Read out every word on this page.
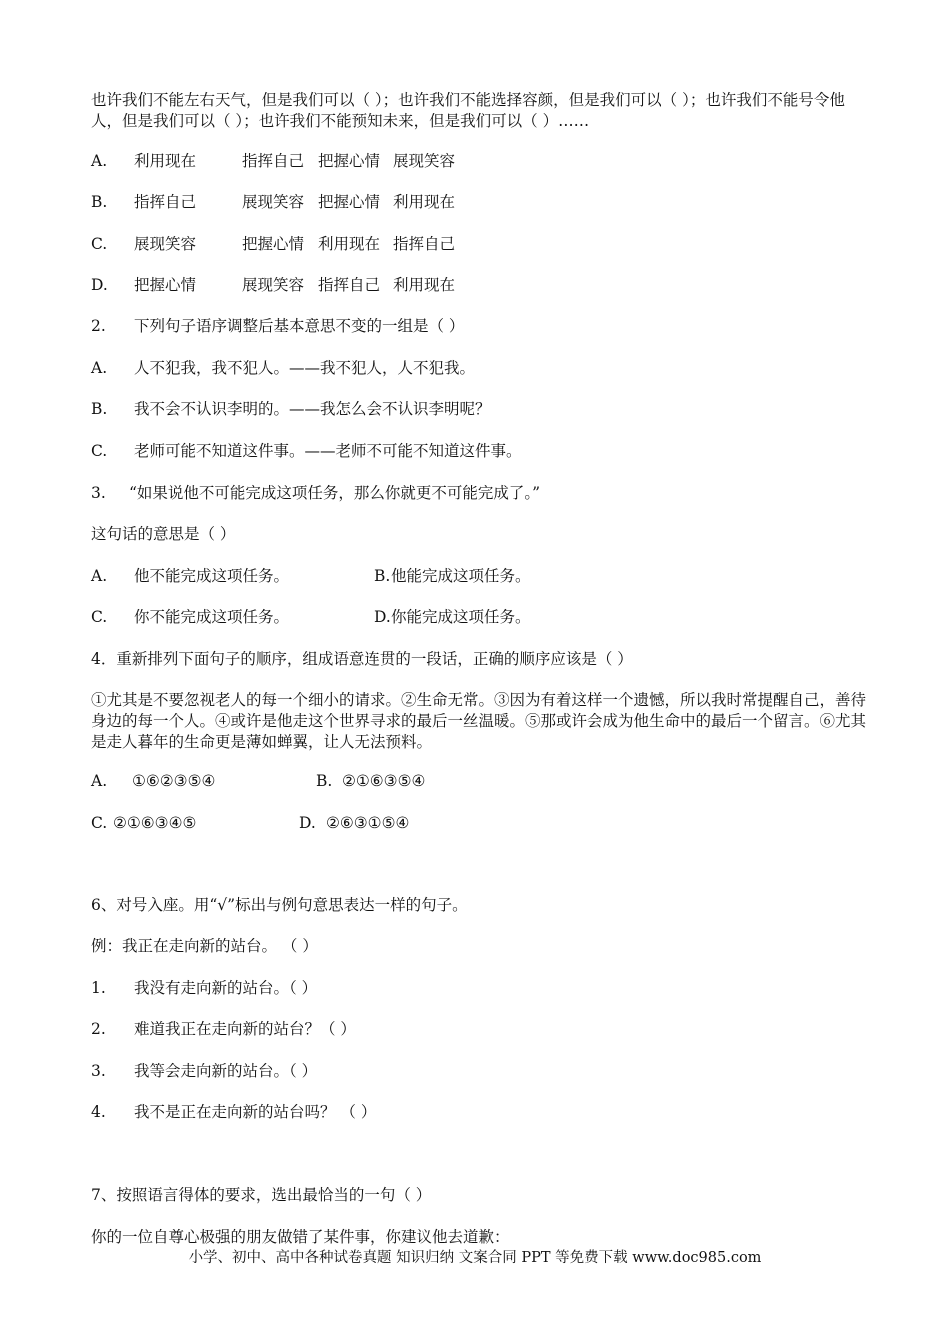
也许我们不能左右天气，但是我们可以（ ）；也许我们不能选择容颜，但是我们可以（ ）；也许我们不能号令他人，但是我们可以（ ）；也许我们不能预知未来，但是我们可以（ ）……
A. 利用现在	指挥自己 把握心情 展现笑容
B. 指挥自己	展现笑容 把握心情 利用现在
C. 展现笑容	把握心情 利用现在 指挥自己
D. 把握心情	展现笑容 指挥自己 利用现在
2. 下列句子语序调整后基本意思不变的一组是（ ）
A. 人不犯我，我不犯人。——我不犯人，人不犯我。
B. 我不会不认识李明的。——我怎么会不认识李明呢？
C. 老师可能不知道这件事。——老师不可能不知道这件事。
3. “如果说他不可能完成这项任务，那么你就更不可能完成了。”
这句话的意思是（ ）
A. 他不能完成这项任务。	B. 他能完成这项任务。
C. 你不能完成这项任务。	D. 你能完成这项任务。
4．重新排列下面句子的顺序，组成语意连贯的一段话，正确的顺序应该是（ ）
①尤其是不要忽视老人的每一个细小的请求。②生命无常。③因为有着这样一个遗憾，所以我时常提醒自己，善待身边的每一个人。④或许是他走这个世界寻求的最后一丝温暖。⑤那或许会成为他生命中的最后一个留言。⑥尤其是走人暮年的生命更是薄如蝉翼，让人无法预料。
A. ①⑥②③⑤④	B. ②①⑥③⑤④
C. ②①⑥③④⑤	D. ②⑥③①⑤④
6、对号入座。用“√”标出与例句意思表达一样的句子。
例：我正在走向新的站台。 （ ）
1. 我没有走向新的站台。（ ）
2. 难道我正在走向新的站台？（ ）
3. 我等会走向新的站台。（ ）
4. 我不是正在走向新的站台吗？ （ ）
7、按照语言得体的要求，选出最恰当的一句（ ）
你的一位自尊心极强的朋友做错了某件事，你建议他去道歉：
小学、初中、高中各种试卷真题 知识归纳 文案合同 PPT 等免费下载 www.doc985.com
